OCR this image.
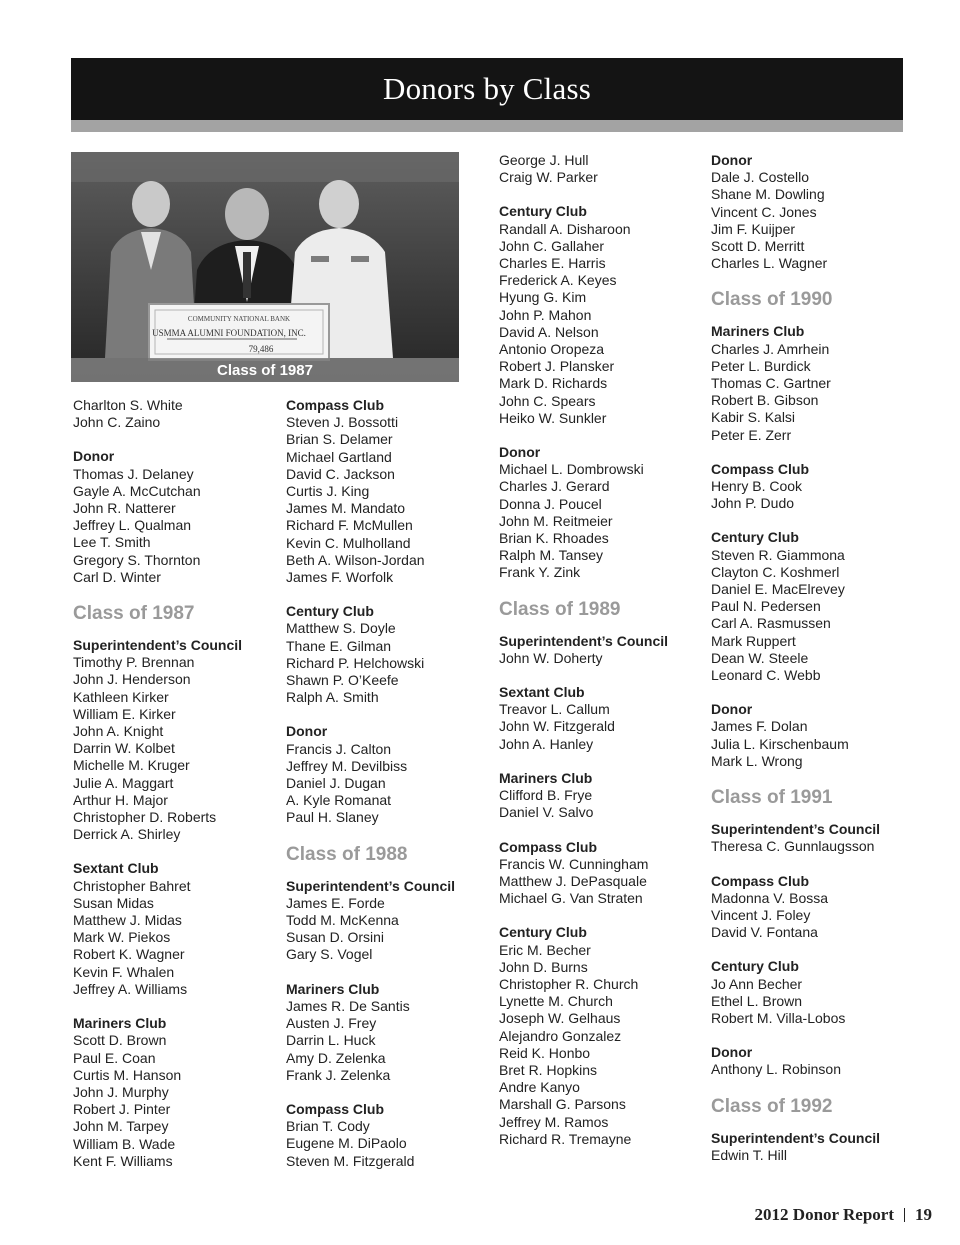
Donors by Class
COMMUNITY NATIONAL BANK
USMMA ALUMNI FOUNDATION, INC.
79,486
Class of 1987
Charlton S. White
John C. Zaino
Donor
Thomas J. Delaney
Gayle A. McCutchan
John R. Natterer
Jeffrey L. Qualman
Lee T. Smith
Gregory S. Thornton
Carl D. Winter
Class of 1987
Superintendent’s Council
Timothy P. Brennan
John J. Henderson
Kathleen Kirker
William E. Kirker
John A. Knight
Darrin W. Kolbet
Michelle M. Kruger
Julie A. Maggart
Arthur H. Major
Christopher D. Roberts
Derrick A. Shirley
Sextant Club
Christopher Bahret
Susan Midas
Matthew J. Midas
Mark W. Piekos
Robert K. Wagner
Kevin F. Whalen
Jeffrey A. Williams
Mariners Club
Scott D. Brown
Paul E. Coan
Curtis M. Hanson
John J. Murphy
Robert J. Pinter
John M. Tarpey
William B. Wade
Kent F. Williams
Compass Club
Steven J. Bossotti
Brian S. Delamer
Michael Gartland
David C. Jackson
Curtis J. King
James M. Mandato
Richard F. McMullen
Kevin C. Mulholland
Beth A. Wilson-Jordan
James F. Worfolk
Century Club
Matthew S. Doyle
Thane E. Gilman
Richard P. Helchowski
Shawn P. O’Keefe
Ralph A. Smith
Donor
Francis J. Calton
Jeffrey M. Devilbiss
Daniel J. Dugan
A. Kyle Romanat
Paul H. Slaney
Class of 1988
Superintendent’s Council
James E. Forde
Todd M. McKenna
Susan D. Orsini
Gary S. Vogel
Mariners Club
James R. De Santis
Austen J. Frey
Darrin L. Huck
Amy D. Zelenka
Frank J. Zelenka
Compass Club
Brian T. Cody
Eugene M. DiPaolo
Steven M. Fitzgerald
George J. Hull
Craig W. Parker
Century Club
Randall A. Disharoon
John C. Gallaher
Charles E. Harris
Frederick A. Keyes
Hyung G. Kim
John P. Mahon
David A. Nelson
Antonio Oropeza
Robert J. Plansker
Mark D. Richards
John C. Spears
Heiko W. Sunkler
Donor
Michael L. Dombrowski
Charles J. Gerard
Donna J. Poucel
John M. Reitmeier
Brian K. Rhoades
Ralph M. Tansey
Frank Y. Zink
Class of 1989
Superintendent’s Council
John W. Doherty
Sextant Club
Treavor L. Callum
John W. Fitzgerald
John A. Hanley
Mariners Club
Clifford B. Frye
Daniel V. Salvo
Compass Club
Francis W. Cunningham
Matthew J. DePasquale
Michael G. Van Straten
Century Club
Eric M. Becher
John D. Burns
Christopher R. Church
Lynette M. Church
Joseph W. Gelhaus
Alejandro Gonzalez
Reid K. Honbo
Bret R. Hopkins
Andre Kanyo
Marshall G. Parsons
Jeffrey M. Ramos
Richard R. Tremayne
Donor
Dale J. Costello
Shane M. Dowling
Vincent C. Jones
Jim F. Kuijper
Scott D. Merritt
Charles L. Wagner
Class of 1990
Mariners Club
Charles J. Amrhein
Peter L. Burdick
Thomas C. Gartner
Robert B. Gibson
Kabir S. Kalsi
Peter E. Zerr
Compass Club
Henry B. Cook
John P. Dudo
Century Club
Steven R. Giammona
Clayton C. Koshmerl
Daniel E. MacElrevey
Paul N. Pedersen
Carl A. Rasmussen
Mark Ruppert
Dean W. Steele
Leonard C. Webb
Donor
James F. Dolan
Julia L. Kirschenbaum
Mark L. Wrong
Class of 1991
Superintendent’s Council
Theresa C. Gunnlaugsson
Compass Club
Madonna V. Bossa
Vincent J. Foley
David V. Fontana
Century Club
Jo Ann Becher
Ethel L. Brown
Robert M. Villa-Lobos
Donor
Anthony L. Robinson
Class of 1992
Superintendent’s Council
Edwin T. Hill
2012 Donor Report 19
